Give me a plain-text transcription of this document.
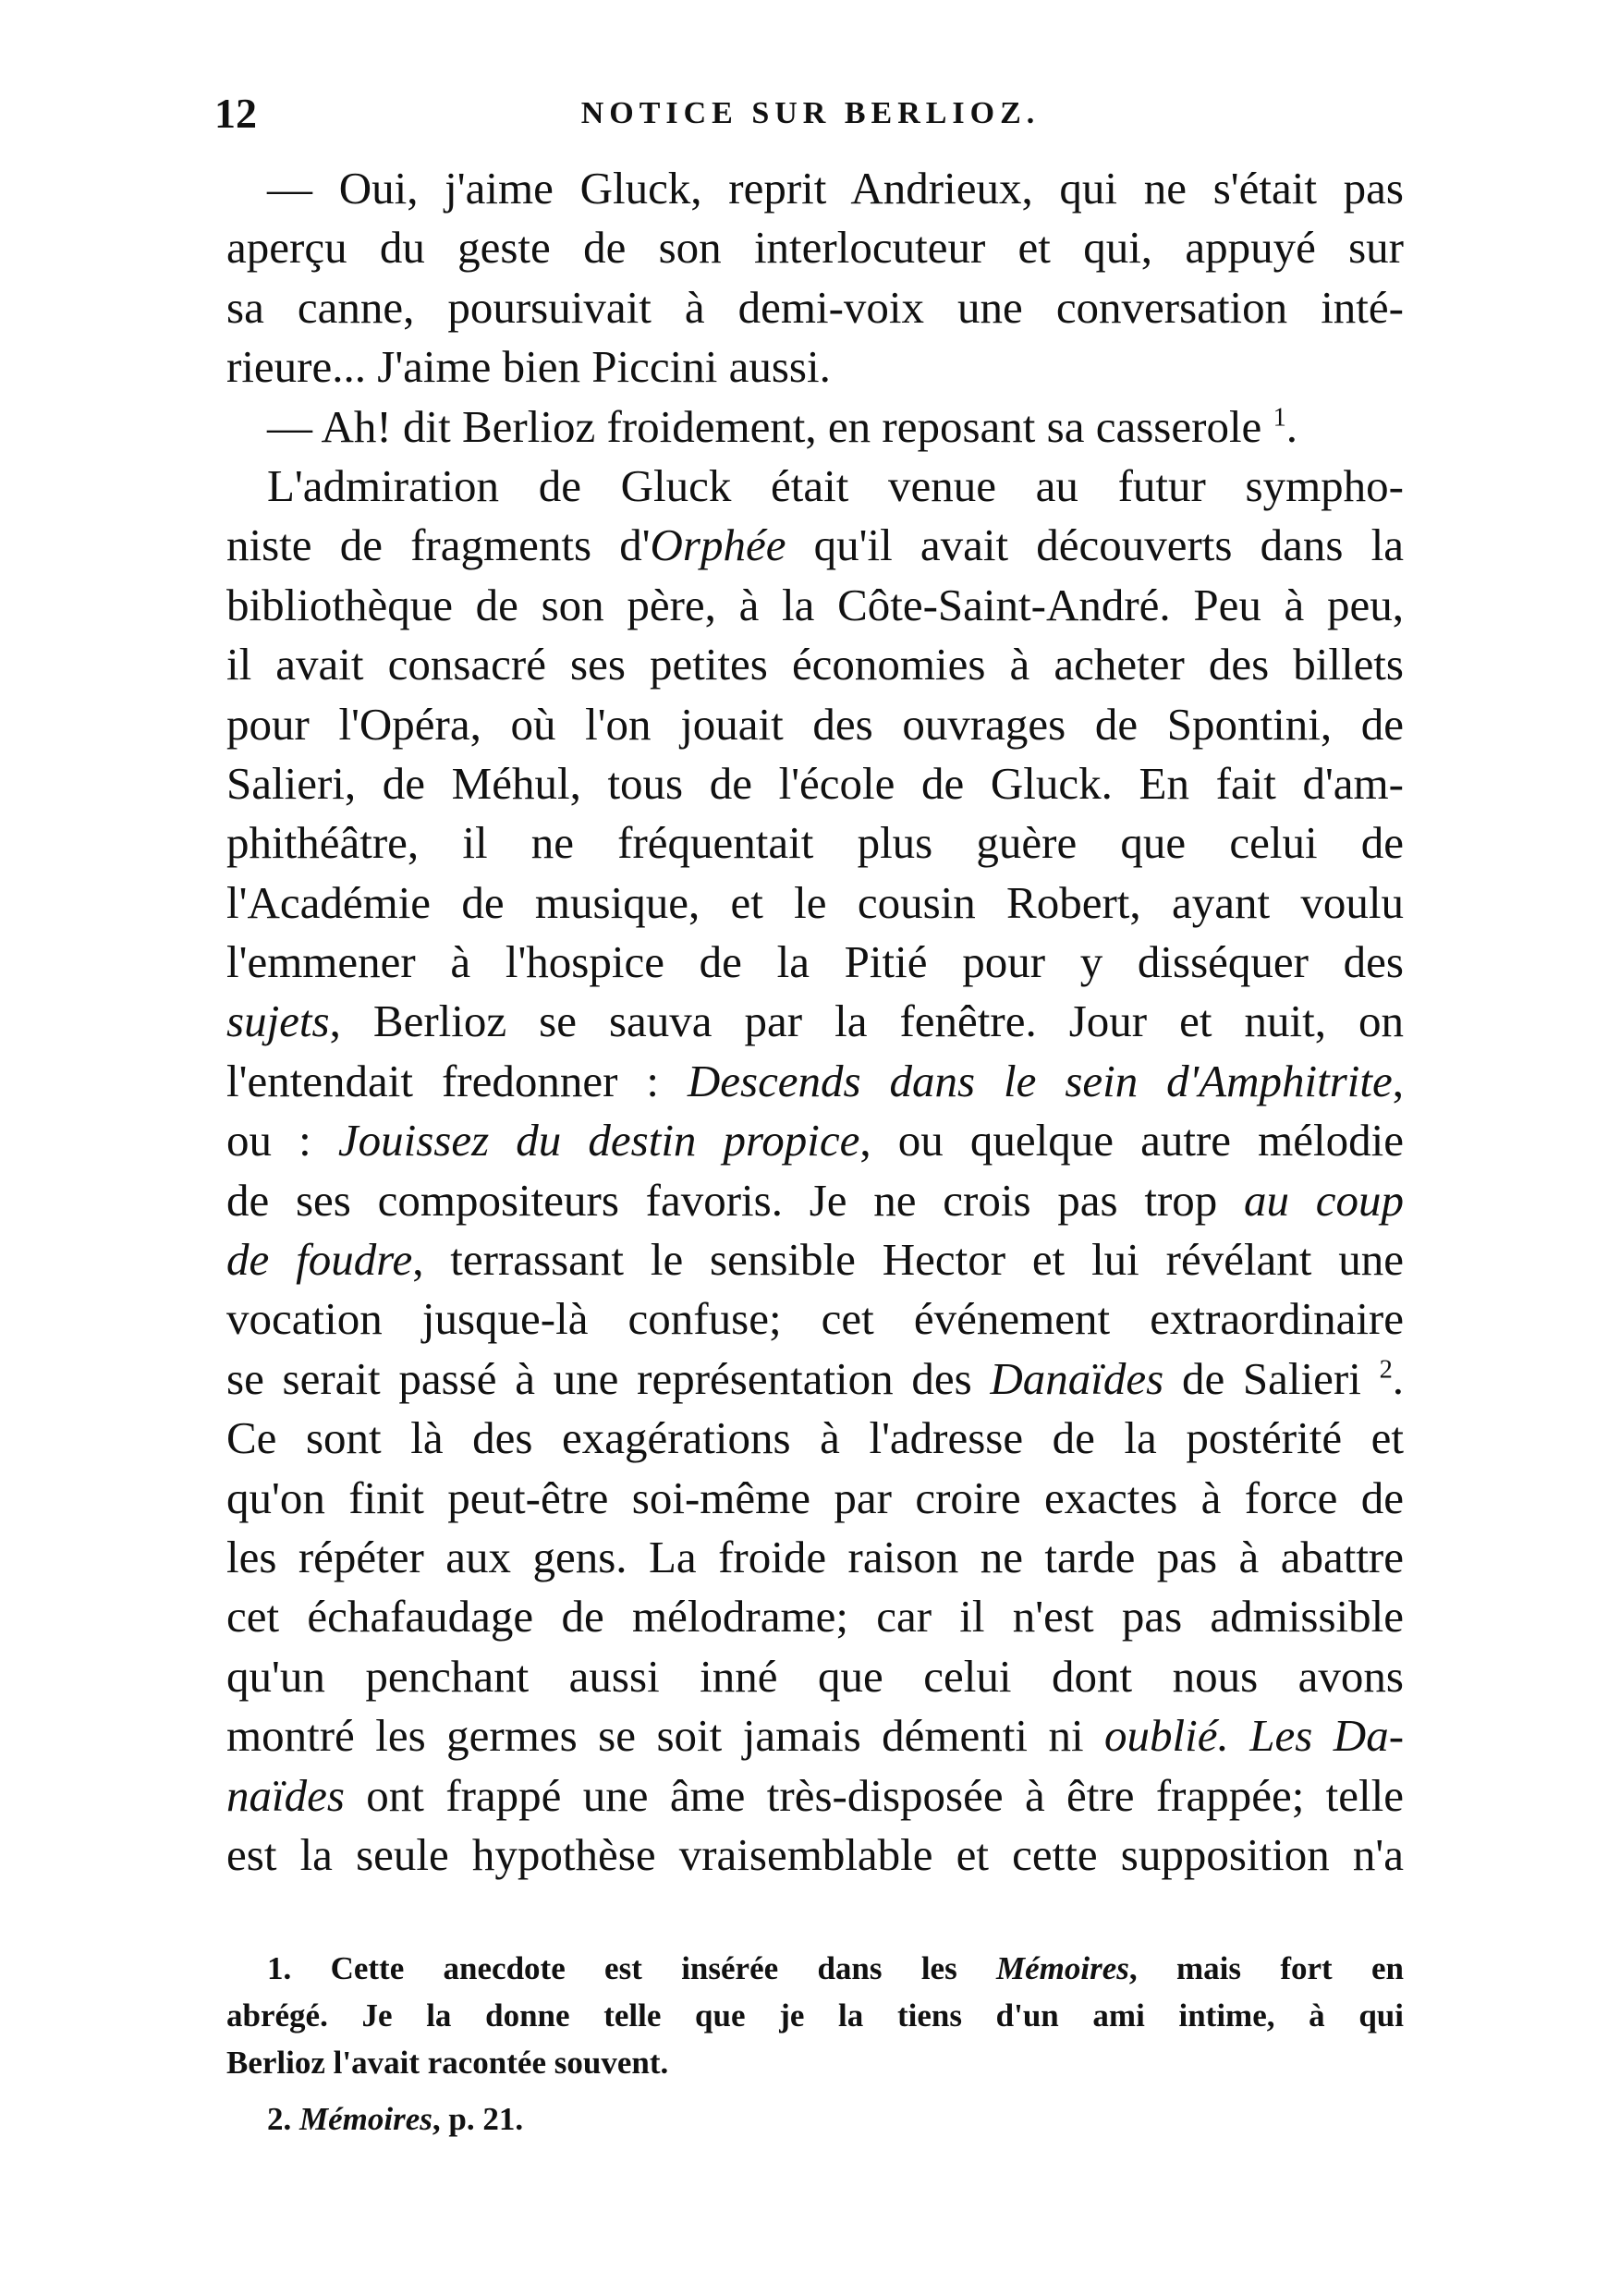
12	NOTICE SUR BERLIOZ.
— Oui, j'aime Gluck, reprit Andrieux, qui ne s'était pas
aperçu du geste de son interlocuteur et qui, appuyé sur
sa canne, poursuivait à demi-voix une conversation inté-
rieure... J'aime bien Piccini aussi.
— Ah! dit Berlioz froidement, en reposant sa casserole $^1$.
L'admiration de Gluck était venue au futur sympho-
niste de fragments d'Orphée qu'il avait découverts dans la
bibliothèque de son père, à la Côte-Saint-André. Peu à peu,
il avait consacré ses petites économies à acheter des billets
pour l'Opéra, où l'on jouait des ouvrages de Spontini, de
Salieri, de Méhul, tous de l'école de Gluck. En fait d'am-
phithéâtre, il ne fréquentait plus guère que celui de
l'Académie de musique, et le cousin Robert, ayant voulu
l'emmener à l'hospice de la Pitié pour y disséquer des
sujets, Berlioz se sauva par la fenêtre. Jour et nuit, on
l'entendait fredonner : Descends dans le sein d'Amphitrite,
ou : Jouissez du destin propice, ou quelque autre mélodie
de ses compositeurs favoris. Je ne crois pas trop au coup
de foudre, terrassant le sensible Hector et lui révélant une
vocation jusque-là confuse; cet événement extraordinaire
se serait passé à une représentation des Danaïdes de Salieri $^2$.
Ce sont là des exagérations à l'adresse de la postérité et
qu'on finit peut-être soi-même par croire exactes à force de
les répéter aux gens. La froide raison ne tarde pas à abattre
cet échafaudage de mélodrame; car il n'est pas admissible
qu'un penchant aussi inné que celui dont nous avons
montré les germes se soit jamais démenti ni oublié. Les Da-
naïdes ont frappé une âme très-disposée à être frappée; telle
est la seule hypothèse vraisemblable et cette supposition n'a
1. Cette anecdote est insérée dans les Mémoires, mais fort en
abrégé. Je la donne telle que je la tiens d'un ami intime, à qui
Berlioz l'avait racontée souvent.
2. Mémoires, p. 21.
